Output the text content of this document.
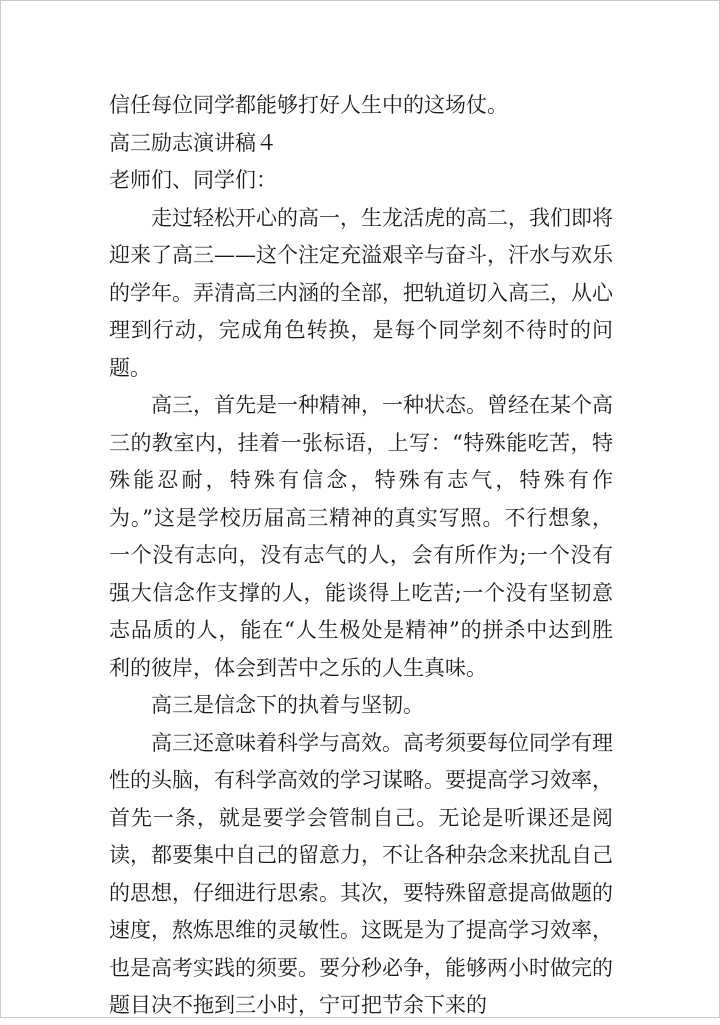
信任每位同学都能够打好人生中的这场仗。

高三励志演讲稿４

老师们、同学们：

走过轻松开心的高一，生龙活虎的高二，我们即将迎来了高三——这个注定充溢艰辛与奋斗，汗水与欢乐的学年。弄清高三内涵的全部，把轨道切入高三，从心理到行动，完成角色转换，是每个同学刻不待时的问题。

高三，首先是一种精神，一种状态。曾经在某个高三的教室内，挂着一张标语，上写：“特殊能吃苦，特殊能忍耐，特殊有信念，特殊有志气，特殊有作为。”这是学校历届高三精神的真实写照。不行想象，一个没有志向，没有志气的人，会有所作为;一个没有强大信念作支撑的人，能谈得上吃苦;一个没有坚韧意志品质的人，能在“人生极处是精神”的拼杀中达到胜利的彼岸，体会到苦中之乐的人生真味。

高三是信念下的执着与坚韧。

高三还意味着科学与高效。高考须要每位同学有理性的头脑，有科学高效的学习谋略。要提高学习效率，首先一条，就是要学会管制自己。无论是听课还是阅读，都要集中自己的留意力，不让各种杂念来扰乱自己的思想，仔细进行思索。其次，要特殊留意提高做题的速度，熬炼思维的灵敏性。这既是为了提高学习效率，也是高考实践的须要。要分秒必争，能够两小时做完的题目决不拖到三小时，宁可把节余下来的
